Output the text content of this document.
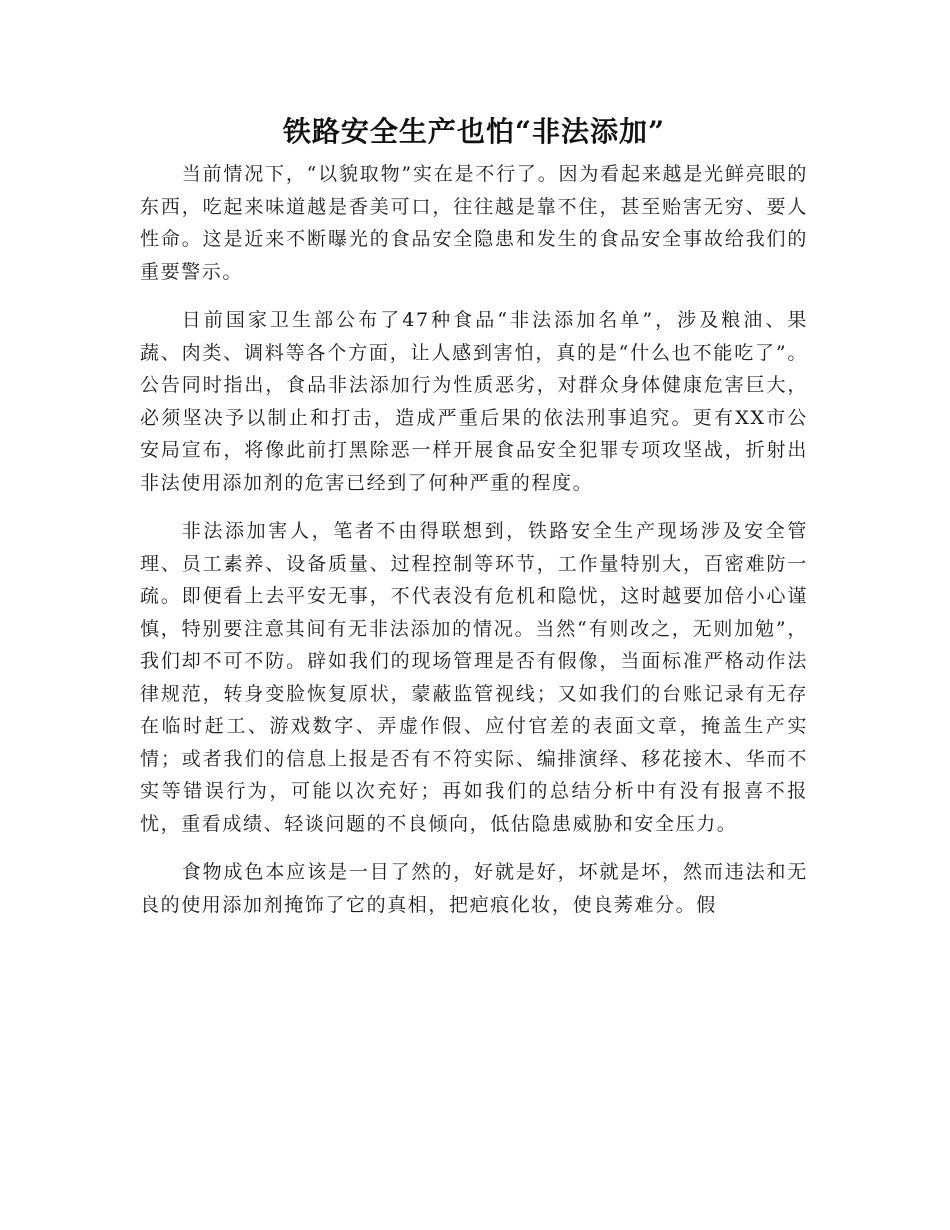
铁路安全生产也怕“非法添加”

当前情况下，“以貌取物”实在是不行了。因为看起来越是光鲜亮眼的东西，吃起来味道越是香美可口，往往越是靠不住，甚至贻害无穷、要人性命。这是近来不断曝光的食品安全隐患和发生的食品安全事故给我们的重要警示。

日前国家卫生部公布了47种食品“非法添加名单”，涉及粮油、果蔬、肉类、调料等各个方面，让人感到害怕，真的是“什么也不能吃了”。公告同时指出，食品非法添加行为性质恶劣，对群众身体健康危害巨大，必须坚决予以制止和打击，造成严重后果的依法刑事追究。更有XX市公安局宣布，将像此前打黑除恶一样开展食品安全犯罪专项攻坚战，折射出非法使用添加剂的危害已经到了何种严重的程度。

非法添加害人，笔者不由得联想到，铁路安全生产现场涉及安全管理、员工素养、设备质量、过程控制等环节，工作量特别大，百密难防一疏。即便看上去平安无事，不代表没有危机和隐忧，这时越要加倍小心谨慎，特别要注意其间有无非法添加的情况。当然“有则改之，无则加勉”，我们却不可不防。辟如我们的现场管理是否有假像，当面标准严格动作法律规范，转身变脸恢复原状，蒙蔽监管视线；又如我们的台账记录有无存在临时赶工、游戏数字、弄虚作假、应付官差的表面文章，掩盖生产实情；或者我们的信息上报是否有不符实际、编排演绎、移花接木、华而不实等错误行为，可能以次充好；再如我们的总结分析中有没有报喜不报忧，重看成绩、轻谈问题的不良倾向，低估隐患威胁和安全压力。

食物成色本应该是一目了然的，好就是好，坏就是坏，然而违法和无良的使用添加剂掩饰了它的真相，把疤痕化妆，使良莠难分。假
